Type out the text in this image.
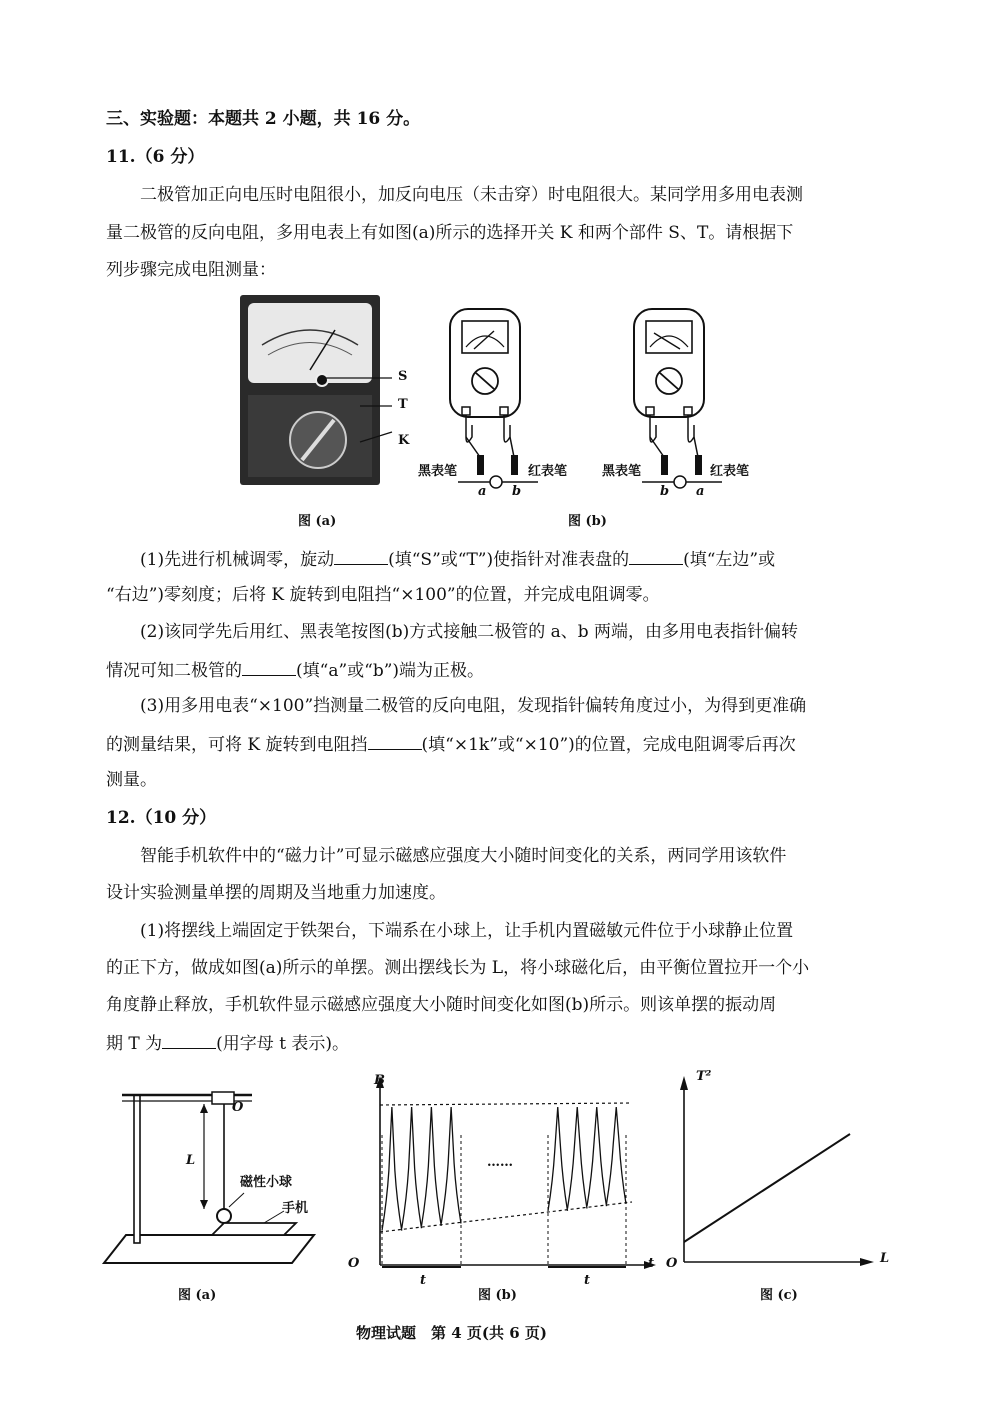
三、实验题：本题共 2 小题，共 16 分。
11.（6 分）
二极管加正向电压时电阻很小，加反向电压（未击穿）时电阻很大。某同学用多用电表测
量二极管的反向电阻，多用电表上有如图(a)所示的选择开关 K 和两个部件 S、T。请根据下
列步骤完成电阻测量：
S
T
K
图 (a)
黑表笔	红表笔
a b
黑表笔	红表笔
b a
图 (b)
(1)先进行机械调零，旋动	(填“S”或“T”)使指针对准表盘的	(填“左边”或
“右边”)零刻度；后将 K 旋转到电阻挡“×100”的位置，并完成电阻调零。
(2)该同学先后用红、黑表笔按图(b)方式接触二极管的 a、b 两端，由多用电表指针偏转
情况可知二极管的	(填“a”或“b”)端为正极。
(3)用多用电表“×100”挡测量二极管的反向电阻，发现指针偏转角度过小，为得到更准确
的测量结果，可将 K 旋转到电阻挡	(填“×1k”或“×10”)的位置，完成电阻调零后再次
测量。
12.（10 分）
智能手机软件中的“磁力计”可显示磁感应强度大小随时间变化的关系，两同学用该软件
设计实验测量单摆的周期及当地重力加速度。
(1)将摆线上端固定于铁架台，下端系在小球上，让手机内置磁敏元件位于小球静止位置
的正下方，做成如图(a)所示的单摆。测出摆线长为 L，将小球磁化后，由平衡位置拉开一个小
角度静止释放，手机软件显示磁感应强度大小随时间变化如图(b)所示。则该单摆的振动周
期 T 为	(用字母 t 表示)。
O
L
磁性小球
手机
图 (a)
B
O	t
……
t	t
图 (b)
T²
O	L
图 (c)
物理试题　第 4 页(共 6 页)
